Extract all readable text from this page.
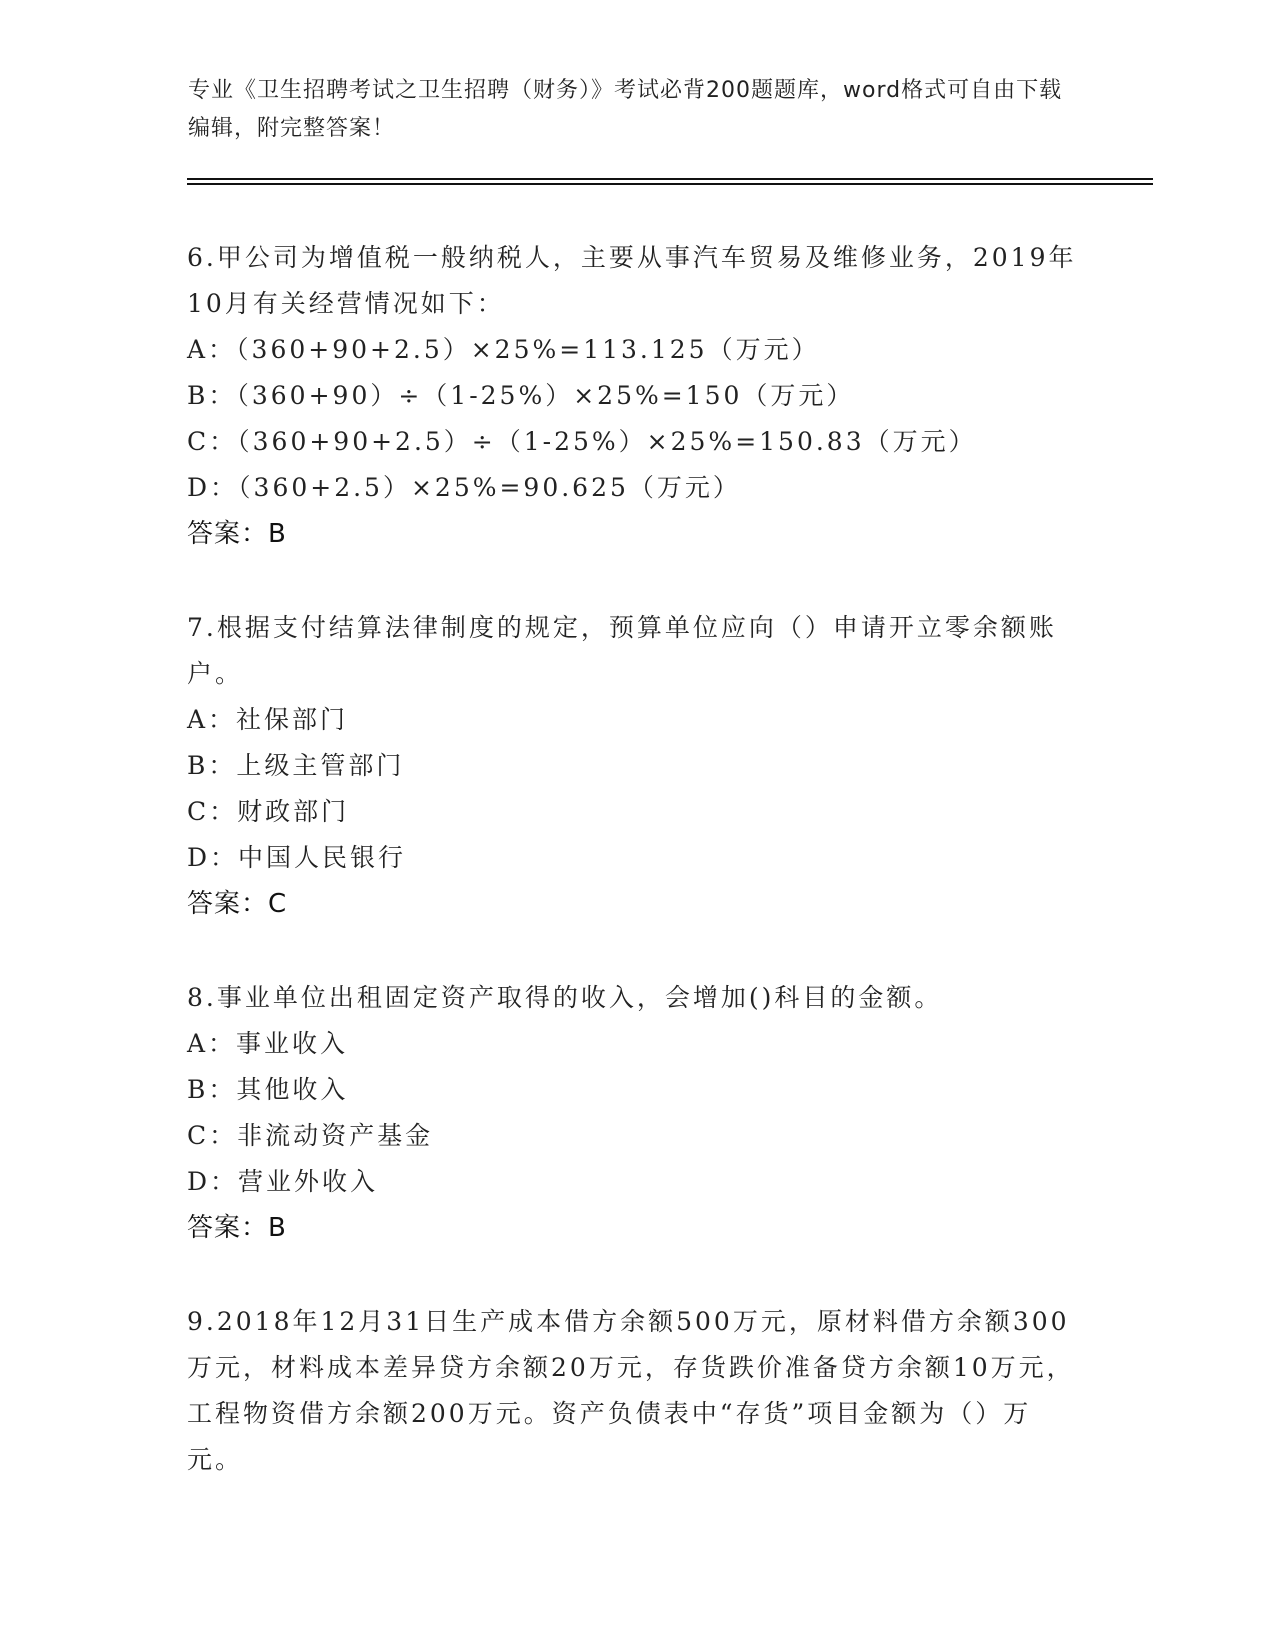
专业《卫生招聘考试之卫生招聘（财务）》考试必背200题题库，word格式可自由下载编辑，附完整答案！

6.甲公司为增值税一般纳税人，主要从事汽车贸易及维修业务，2019年10月有关经营情况如下：

A：（360+90+2.5）×25%=113.125（万元）

B：（360+90）÷（1-25%）×25%=150（万元）

C：（360+90+2.5）÷（1-25%）×25%=150.83（万元）

D：（360+2.5）×25%=90.625（万元）

答案：B

7.根据支付结算法律制度的规定，预算单位应向（）申请开立零余额账户。

A：社保部门

B：上级主管部门

C：财政部门

D：中国人民银行

答案：C

8.事业单位出租固定资产取得的收入，会增加()科目的金额。

A：事业收入

B：其他收入

C：非流动资产基金

D：营业外收入

答案：B

9.2018年12月31日生产成本借方余额500万元，原材料借方余额300万元，材料成本差异贷方余额20万元，存货跌价准备贷方余额10万元，工程物资借方余额200万元。资产负债表中“存货”项目金额为（）万元。
